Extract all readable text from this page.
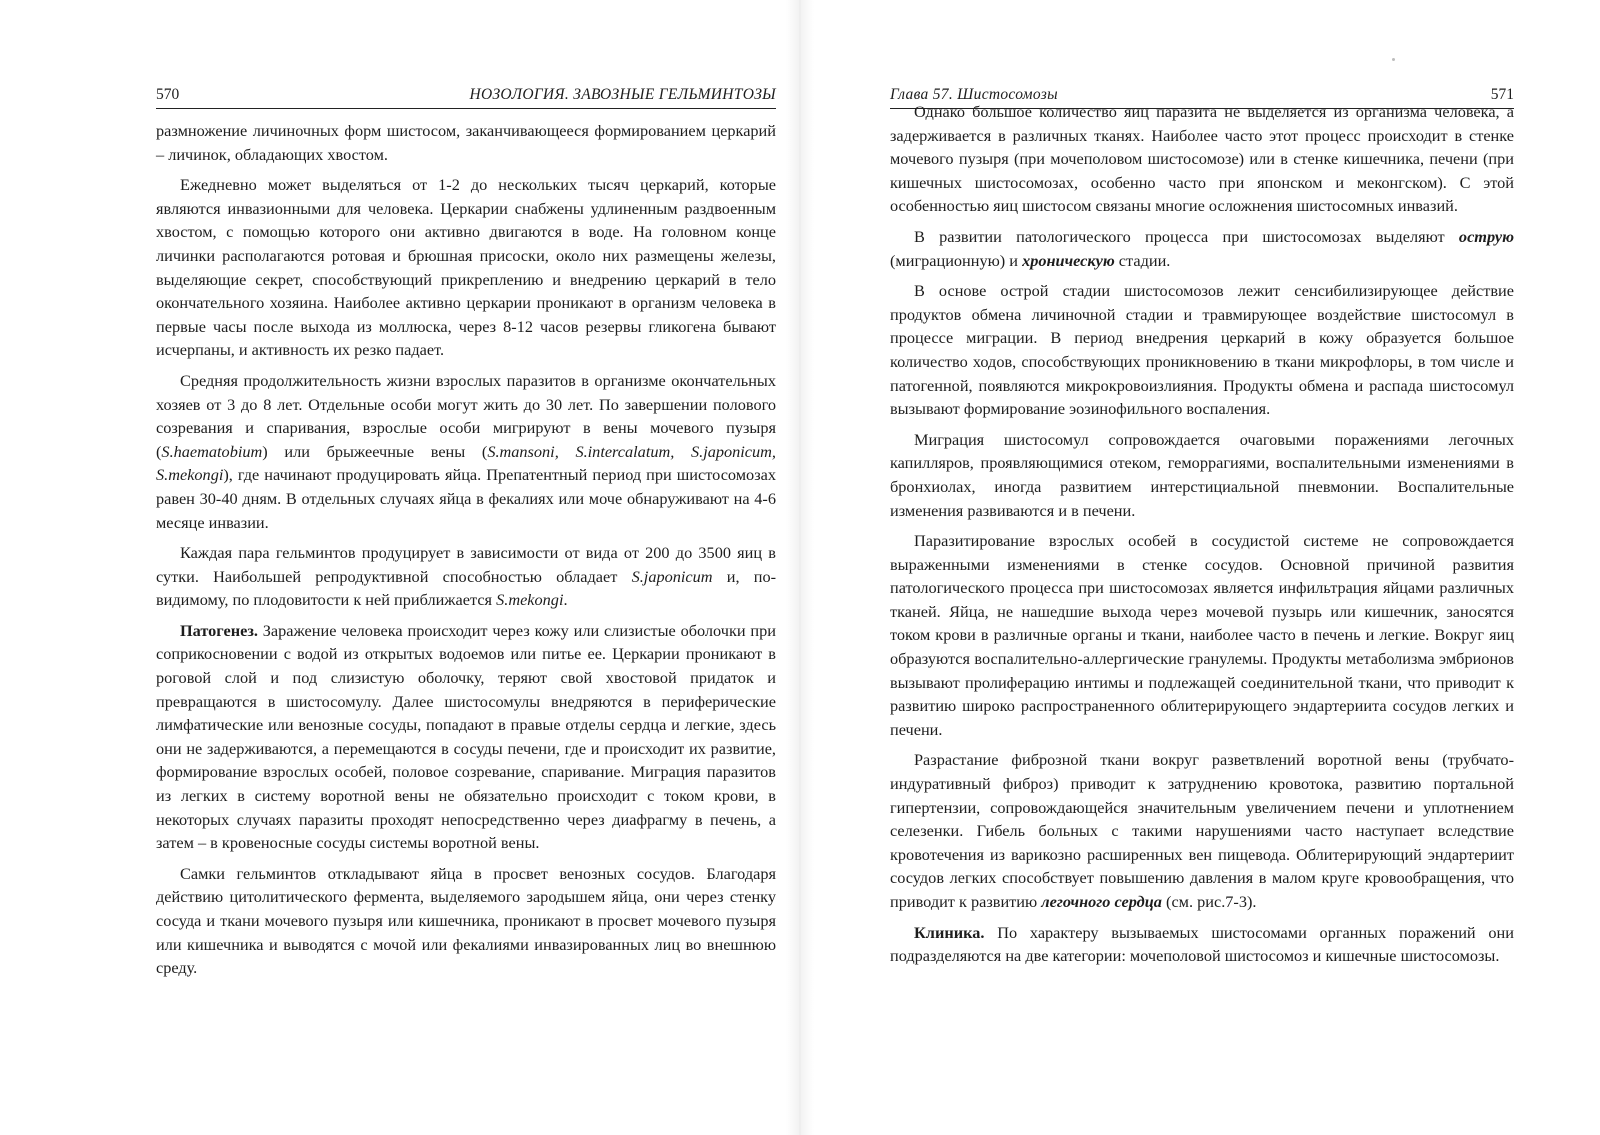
570	НОЗОЛОГИЯ. ЗАВОЗНЫЕ ГЕЛЬМИНТОЗЫ

размножение личиночных форм шистосом, заканчивающееся формированием церкарий – личинок, обладающих хвостом.

Ежедневно может выделяться от 1-2 до нескольких тысяч церкарий, которые являются инвазионными для человека. Церкарии снабжены удлиненным раздвоенным хвостом, с помощью которого они активно двигаются в воде. На головном конце личинки располагаются ротовая и брюшная присоски, около них размещены железы, выделяющие секрет, способствующий прикреплению и внедрению церкарий в тело окончательного хозяина. Наиболее активно церкарии проникают в организм человека в первые часы после выхода из моллюска, через 8-12 часов резервы гликогена бывают исчерпаны, и активность их резко падает.

Средняя продолжительность жизни взрослых паразитов в организме окончательных хозяев от 3 до 8 лет. Отдельные особи могут жить до 30 лет. По завершении полового созревания и спаривания, взрослые особи мигрируют в вены мочевого пузыря (S.haematobium) или брыжеечные вены (S.mansoni, S.intercalatum, S.japonicum, S.mekongi), где начинают продуцировать яйца. Препатентный период при шистосомозах равен 30-40 дням. В отдельных случаях яйца в фекалиях или моче обнаруживают на 4-6 месяце инвазии.

Каждая пара гельминтов продуцирует в зависимости от вида от 200 до 3500 яиц в сутки. Наибольшей репродуктивной способностью обладает S.japonicum и, по-видимому, по плодовитости к ней приближается S.mekongi.

Патогенез. Заражение человека происходит через кожу или слизистые оболочки при соприкосновении с водой из открытых водоемов или питье ее. Церкарии проникают в роговой слой и под слизистую оболочку, теряют свой хвостовой придаток и превращаются в шистосомулу. Далее шистосомулы внедряются в периферические лимфатические или венозные сосуды, попадают в правые отделы сердца и легкие, здесь они не задерживаются, а перемещаются в сосуды печени, где и происходит их развитие, формирование взрослых особей, половое созревание, спаривание. Миграция паразитов из легких в систему воротной вены не обязательно происходит с током крови, в некоторых случаях паразиты проходят непосредственно через диафрагму в печень, а затем – в кровеносные сосуды системы воротной вены.

Самки гельминтов откладывают яйца в просвет венозных сосудов. Благодаря действию цитолитического фермента, выделяемого зародышем яйца, они через стенку сосуда и ткани мочевого пузыря или кишечника, проникают в просвет мочевого пузыря или кишечника и выводятся с мочой или фекалиями инвазированных лиц во внешнюю среду.

Глава 57. Шистосомозы	571

Однако большое количество яиц паразита не выделяется из организма человека, а задерживается в различных тканях. Наиболее часто этот процесс происходит в стенке мочевого пузыря (при мочеполовом шистосомозе) или в стенке кишечника, печени (при кишечных шистосомозах, особенно часто при японском и меконгском). С этой особенностью яиц шистосом связаны многие осложнения шистосомных инвазий.

В развитии патологического процесса при шистосомозах выделяют острую (миграционную) и хроническую стадии.

В основе острой стадии шистосомозов лежит сенсибилизирующее действие продуктов обмена личиночной стадии и травмирующее воздействие шистосомул в процессе миграции. В период внедрения церкарий в кожу образуется большое количество ходов, способствующих проникновению в ткани микрофлоры, в том числе и патогенной, появляются микрокровоизлияния. Продукты обмена и распада шистосомул вызывают формирование эозинофильного воспаления.

Миграция шистосомул сопровождается очаговыми поражениями легочных капилляров, проявляющимися отеком, геморрагиями, воспалительными изменениями в бронхиолах, иногда развитием интерстициальной пневмонии. Воспалительные изменения развиваются и в печени.

Паразитирование взрослых особей в сосудистой системе не сопровождается выраженными изменениями в стенке сосудов. Основной причиной развития патологического процесса при шистосомозах является инфильтрация яйцами различных тканей. Яйца, не нашедшие выхода через мочевой пузырь или кишечник, заносятся током крови в различные органы и ткани, наиболее часто в печень и легкие. Вокруг яиц образуются воспалительно-аллергические гранулемы. Продукты метаболизма эмбрионов вызывают пролиферацию интимы и подлежащей соединительной ткани, что приводит к развитию широко распространенного облитерирующего эндартериита сосудов легких и печени.

Разрастание фиброзной ткани вокруг разветвлений воротной вены (трубчато-индуративный фиброз) приводит к затруднению кровотока, развитию портальной гипертензии, сопровождающейся значительным увеличением печени и уплотнением селезенки. Гибель больных с такими нарушениями часто наступает вследствие кровотечения из варикозно расширенных вен пищевода. Облитерирующий эндартериит сосудов легких способствует повышению давления в малом круге кровообращения, что приводит к развитию легочного сердца (см. рис.7-3).

Клиника. По характеру вызываемых шистосомами органных поражений они подразделяются на две категории: мочеполовой шистосомоз и кишечные шистосомозы.
